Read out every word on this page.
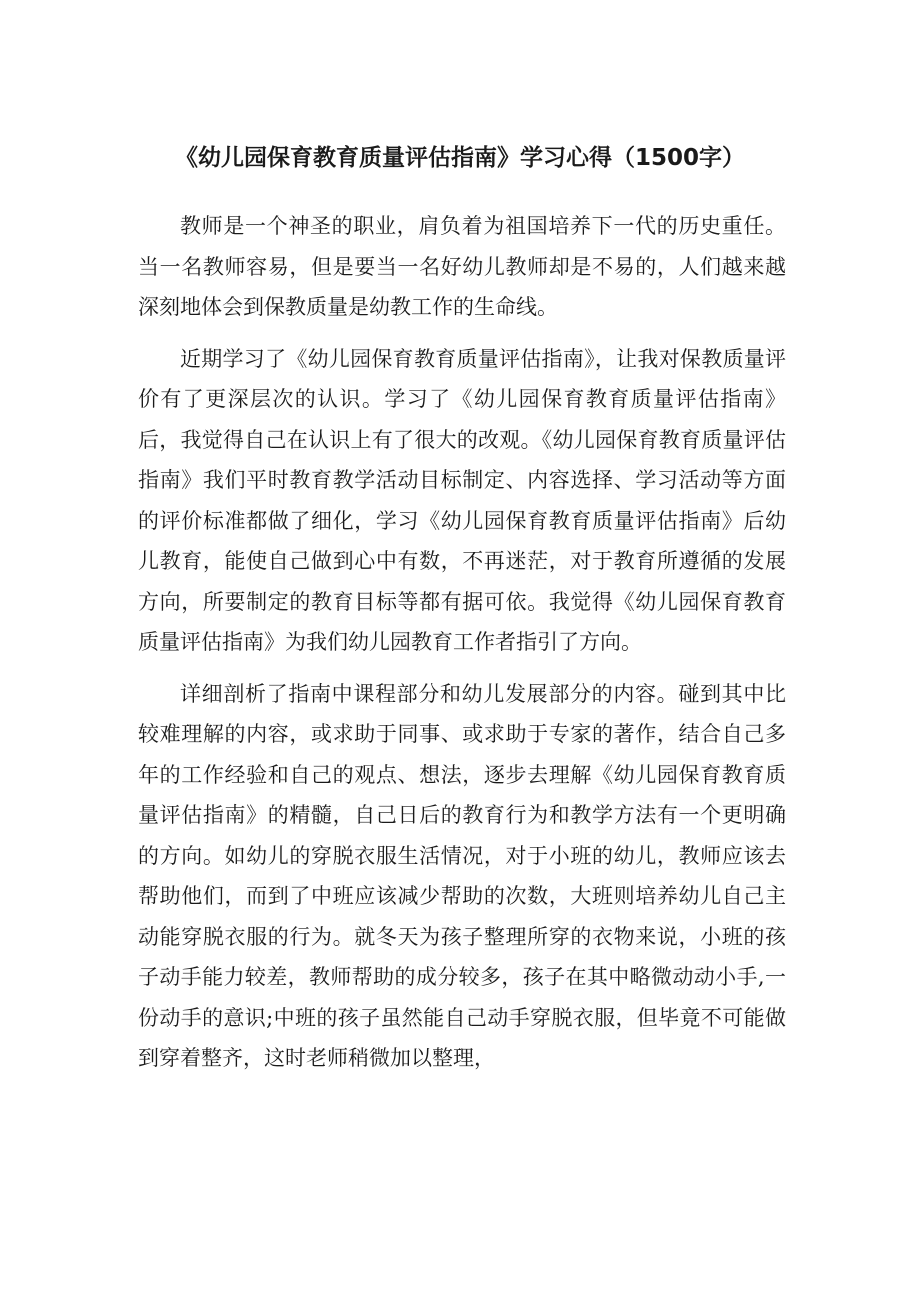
《幼儿园保育教育质量评估指南》学习心得（1500字）

教师是一个神圣的职业，肩负着为祖国培养下一代的历史重任。当一名教师容易，但是要当一名好幼儿教师却是不易的，人们越来越深刻地体会到保教质量是幼教工作的生命线。

近期学习了《幼儿园保育教育质量评估指南》，让我对保教质量评价有了更深层次的认识。学习了《幼儿园保育教育质量评估指南》后，我觉得自己在认识上有了很大的改观。《幼儿园保育教育质量评估指南》我们平时教育教学活动目标制定、内容选择、学习活动等方面的评价标准都做了细化，学习《幼儿园保育教育质量评估指南》后幼儿教育，能使自己做到心中有数，不再迷茫，对于教育所遵循的发展方向，所要制定的教育目标等都有据可依。我觉得《幼儿园保育教育质量评估指南》为我们幼儿园教育工作者指引了方向。

详细剖析了指南中课程部分和幼儿发展部分的内容。碰到其中比较难理解的内容，或求助于同事、或求助于专家的著作，结合自己多年的工作经验和自己的观点、想法，逐步去理解《幼儿园保育教育质量评估指南》的精髓，自己日后的教育行为和教学方法有一个更明确的方向。如幼儿的穿脱衣服生活情况，对于小班的幼儿，教师应该去帮助他们，而到了中班应该减少帮助的次数，大班则培养幼儿自己主动能穿脱衣服的行为。就冬天为孩子整理所穿的衣物来说，小班的孩子动手能力较差，教师帮助的成分较多，孩子在其中略微动动小手,一份动手的意识;中班的孩子虽然能自己动手穿脱衣服，但毕竟不可能做到穿着整齐，这时老师稍微加以整理，
